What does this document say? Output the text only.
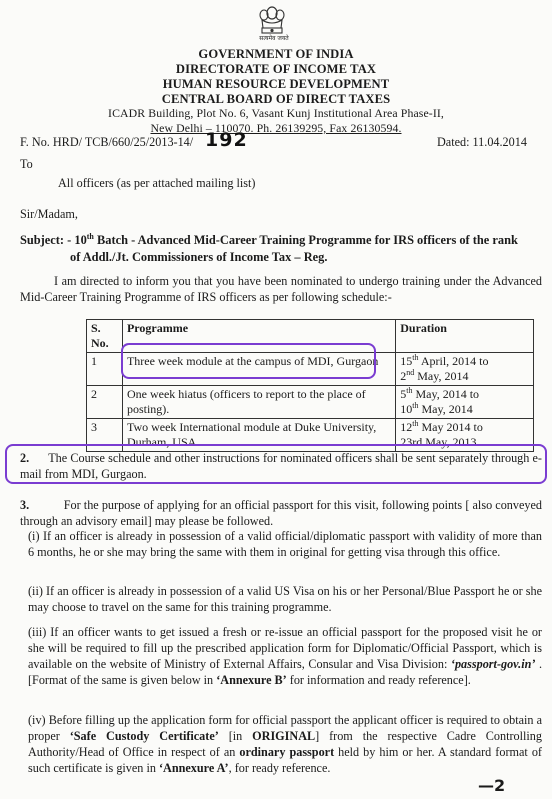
सत्यमेव जयते
GOVERNMENT OF INDIA
DIRECTORATE OF INCOME TAX
HUMAN RESOURCE DEVELOPMENT
CENTRAL BOARD OF DIRECT TAXES
ICADR Building, Plot No. 6, Vasant Kunj Institutional Area Phase-II,
New Delhi – 110070. Ph. 26139295, Fax 26130594.
F. No. HRD/ TCB/660/25/2013-14/ 192	Dated: 11.04.2014
To
All officers (as per attached mailing list)
Sir/Madam,
Subject: - 10th Batch - Advanced Mid-Career Training Programme for IRS officers of the rank
of Addl./Jt. Commissioners of Income Tax – Reg.
I am directed to inform you that you have been nominated to undergo training under the Advanced Mid-Career Training Programme of IRS officers as per following schedule:-
S. No.	Programme	Duration
1	Three week module at the campus of MDI, Gurgaon	15th April, 2014 to
2nd May, 2014
2	One week hiatus (officers to report to the place of posting).	5th May, 2014 to
10th May, 2014
3	Two week International module at Duke University, Durham, USA.	12th May 2014 to
23rd May, 2013.
2. The Course schedule and other instructions for nominated officers shall be sent separately through e-mail from MDI, Gurgaon.
3.	For the purpose of applying for an official passport for this visit, following points [ also conveyed through an advisory email] may please be followed.
(i) If an officer is already in possession of a valid official/diplomatic passport with validity of more than 6 months, he or she may bring the same with them in original for getting visa through this office.
(ii) If an officer is already in possession of a valid US Visa on his or her Personal/Blue Passport he or she may choose to travel on the same for this training programme.
(iii) If an officer wants to get issued a fresh or re-issue an official passport for the proposed visit he or she will be required to fill up the prescribed application form for Diplomatic/Official Passport, which is available on the website of Ministry of External Affairs, Consular and Visa Division: ‘passport-gov.in’ . [Format of the same is given below in ‘Annexure B’ for information and ready reference].
(iv) Before filling up the application form for official passport the applicant officer is required to obtain a proper ‘Safe Custody Certificate’ [in ORIGINAL] from the respective Cadre Controlling Authority/Head of Office in respect of an ordinary passport held by him or her. A standard format of such certificate is given in ‘Annexure A’, for ready reference.
—2
